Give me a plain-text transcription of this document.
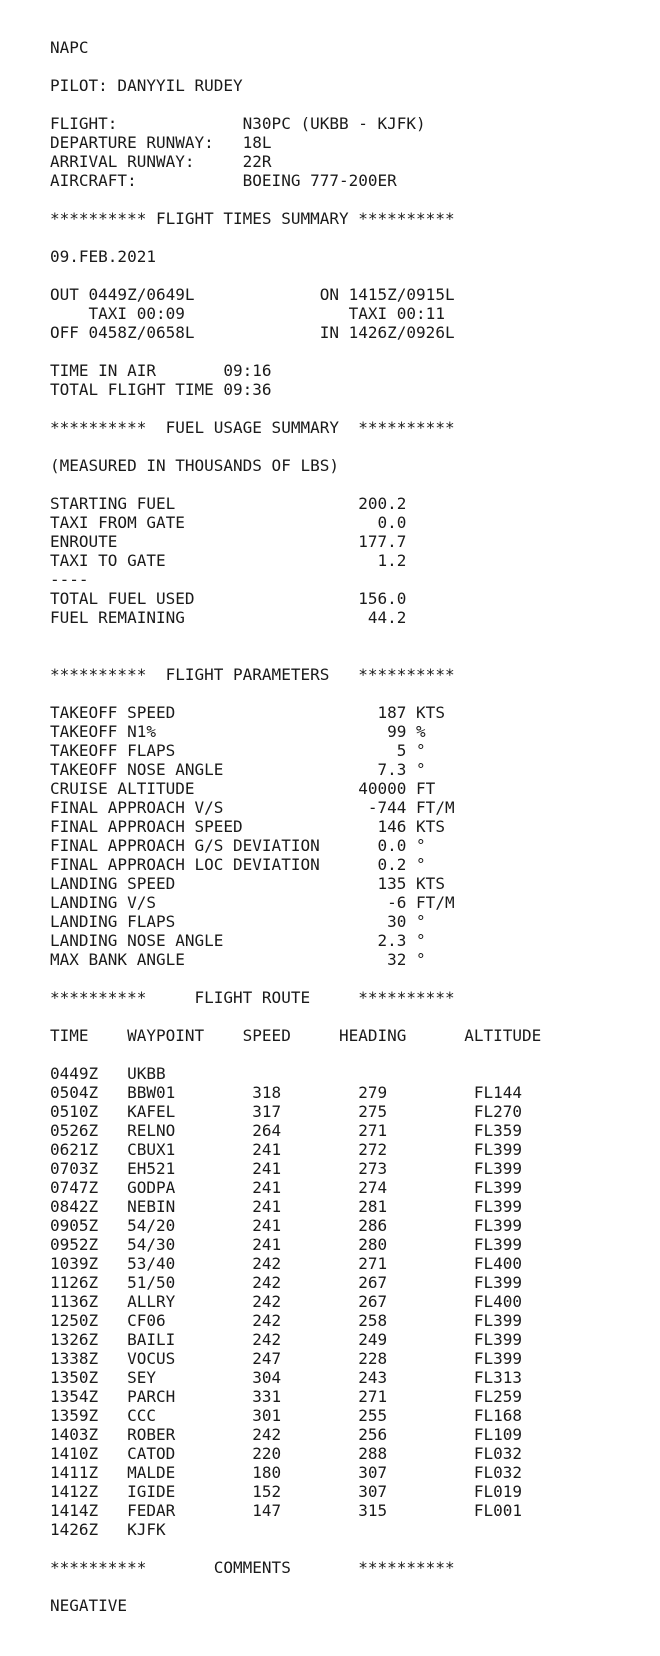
NAPC
PILOT: DANYYIL RUDEY
FLIGHT:             N30PC (UKBB - KJFK)
DEPARTURE RUNWAY:   18L
ARRIVAL RUNWAY:     22R
AIRCRAFT:           BOEING 777-200ER
********** FLIGHT TIMES SUMMARY **********
09.FEB.2021
OUT 0449Z/0649L             ON 1415Z/0915L
TAXI 00:09                 TAXI 00:11
OFF 0458Z/0658L             IN 1426Z/0926L
TIME IN AIR       09:16
TOTAL FLIGHT TIME 09:36
**********  FUEL USAGE SUMMARY  **********
(MEASURED IN THOUSANDS OF LBS)
STARTING FUEL                   200.2
TAXI FROM GATE                    0.0
ENROUTE                         177.7
TAXI TO GATE                      1.2
----
TOTAL FUEL USED                 156.0
FUEL REMAINING                   44.2
**********  FLIGHT PARAMETERS   **********
TAKEOFF SPEED                     187 KTS
TAKEOFF N1%                        99 %
TAKEOFF FLAPS                       5 °
TAKEOFF NOSE ANGLE                7.3 °
CRUISE ALTITUDE                 40000 FT
FINAL APPROACH V/S               -744 FT/M
FINAL APPROACH SPEED              146 KTS
FINAL APPROACH G/S DEVIATION      0.0 °
FINAL APPROACH LOC DEVIATION      0.2 °
LANDING SPEED                     135 KTS
LANDING V/S                        -6 FT/M
LANDING FLAPS                      30 °
LANDING NOSE ANGLE                2.3 °
MAX BANK ANGLE                     32 °
**********     FLIGHT ROUTE     **********
TIME    WAYPOINT    SPEED     HEADING      ALTITUDE
0449Z   UKBB
0504Z   BBW01        318        279         FL144
0510Z   KAFEL        317        275         FL270
0526Z   RELNO        264        271         FL359
0621Z   CBUX1        241        272         FL399
0703Z   EH521        241        273         FL399
0747Z   GODPA        241        274         FL399
0842Z   NEBIN        241        281         FL399
0905Z   54/20        241        286         FL399
0952Z   54/30        241        280         FL399
1039Z   53/40        242        271         FL400
1126Z   51/50        242        267         FL399
1136Z   ALLRY        242        267         FL400
1250Z   CF06         242        258         FL399
1326Z   BAILI        242        249         FL399
1338Z   VOCUS        247        228         FL399
1350Z   SEY          304        243         FL313
1354Z   PARCH        331        271         FL259
1359Z   CCC          301        255         FL168
1403Z   ROBER        242        256         FL109
1410Z   CATOD        220        288         FL032
1411Z   MALDE        180        307         FL032
1412Z   IGIDE        152        307         FL019
1414Z   FEDAR        147        315         FL001
1426Z   KJFK
**********       COMMENTS       **********
NEGATIVE
